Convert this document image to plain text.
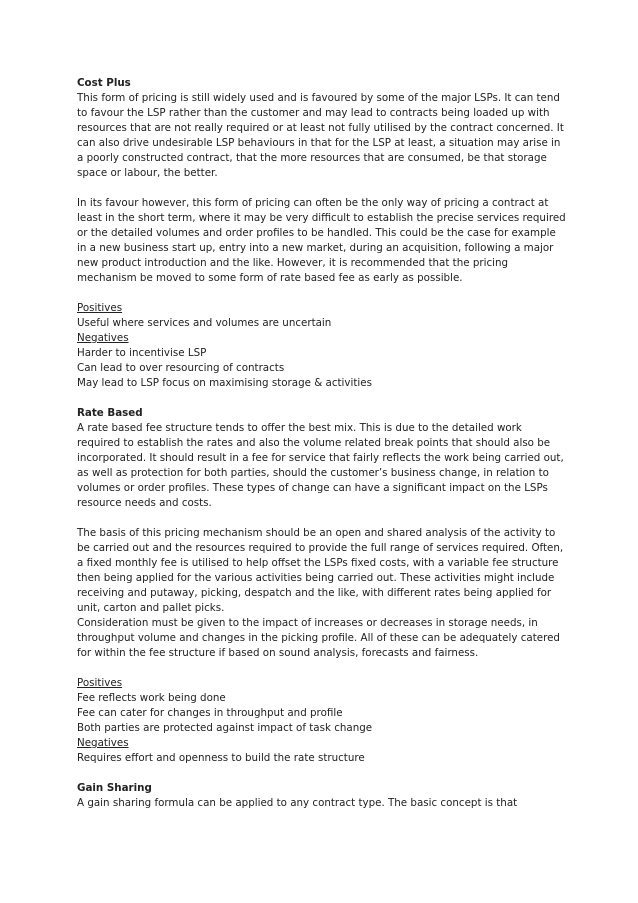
Cost Plus

This form of pricing is still widely used and is favoured by some of the major LSPs. It can tend to favour the LSP rather than the customer and may lead to contracts being loaded up with resources that are not really required or at least not fully utilised by the contract concerned. It can also drive undesirable LSP behaviours in that for the LSP at least, a situation may arise in a poorly constructed contract, that the more resources that are consumed, be that storage space or labour, the better.

In its favour however, this form of pricing can often be the only way of pricing a contract at least in the short term, where it may be very difficult to establish the precise services required or the detailed volumes and order profiles to be handled. This could be the case for example in a new business start up, entry into a new market, during an acquisition, following a major new product introduction and the like. However, it is recommended that the pricing mechanism be moved to some form of rate based fee as early as possible.

Positives

Useful where services and volumes are uncertain

Negatives

Harder to incentivise LSP

Can lead to over resourcing of contracts

May lead to LSP focus on maximising storage & activities

Rate Based

A rate based fee structure tends to offer the best mix. This is due to the detailed work required to establish the rates and also the volume related break points that should also be incorporated. It should result in a fee for service that fairly reflects the work being carried out, as well as protection for both parties, should the customer’s business change, in relation to volumes or order profiles. These types of change can have a significant impact on the LSPs resource needs and costs.

The basis of this pricing mechanism should be an open and shared analysis of the activity to be carried out and the resources required to provide the full range of services required. Often, a fixed monthly fee is utilised to help offset the LSPs fixed costs, with a variable fee structure then being applied for the various activities being carried out. These activities might include receiving and putaway, picking, despatch and the like, with different rates being applied for unit, carton and pallet picks.

Consideration must be given to the impact of increases or decreases in storage needs, in throughput volume and changes in the picking profile. All of these can be adequately catered for within the fee structure if based on sound analysis, forecasts and fairness.

Positives

Fee reflects work being done

Fee can cater for changes in throughput and profile

Both parties are protected against impact of task change

Negatives

Requires effort and openness to build the rate structure

Gain Sharing

A gain sharing formula can be applied to any contract type. The basic concept is that
